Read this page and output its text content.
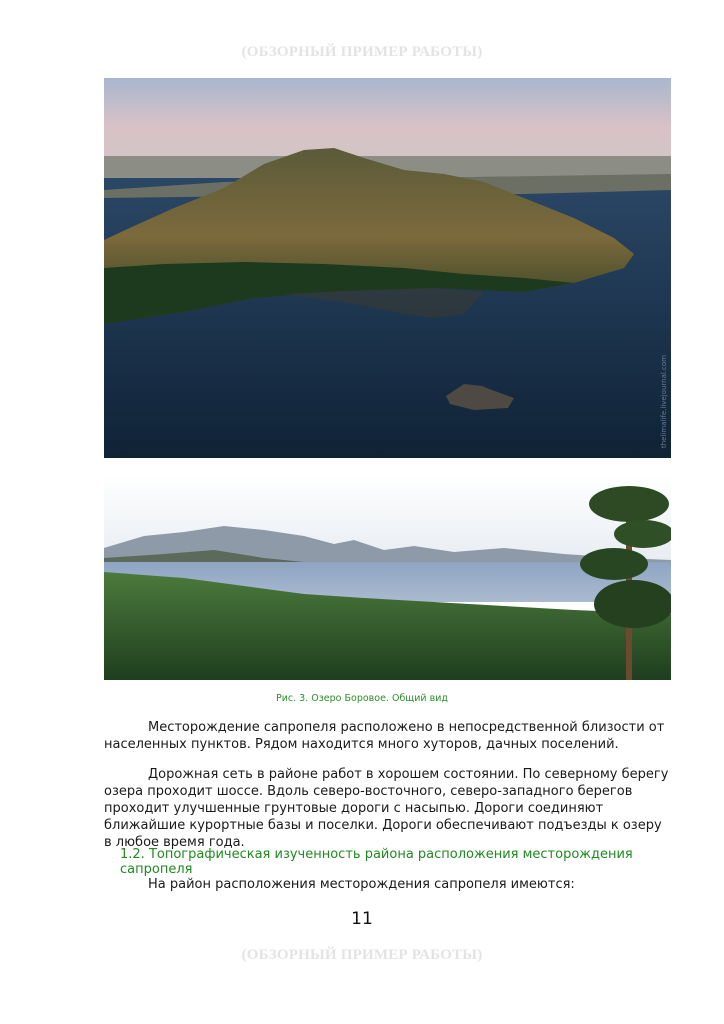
(ОБЗОРНЫЙ ПРИМЕР РАБОТЫ)
thelimalife.livejournal.com
Рис. 3. Озеро Боровое. Общий вид

Месторождение сапропеля расположено в непосредственной близости от населенных пунктов. Рядом находится много хуторов, дачных поселений.

Дорожная сеть в районе работ в хорошем состоянии. По северному берегу озера проходит шоссе. Вдоль северо-восточного, северо-западного берегов проходит улучшенные грунтовые дороги с насыпью. Дороги соединяют ближайшие курортные базы и поселки. Дороги обеспечивают подъезды к озеру в любое время года.

1.2. Топографическая изученность района расположения месторождения сапропеля

На район расположения месторождения сапропеля имеются:

11
(ОБЗОРНЫЙ ПРИМЕР РАБОТЫ)
